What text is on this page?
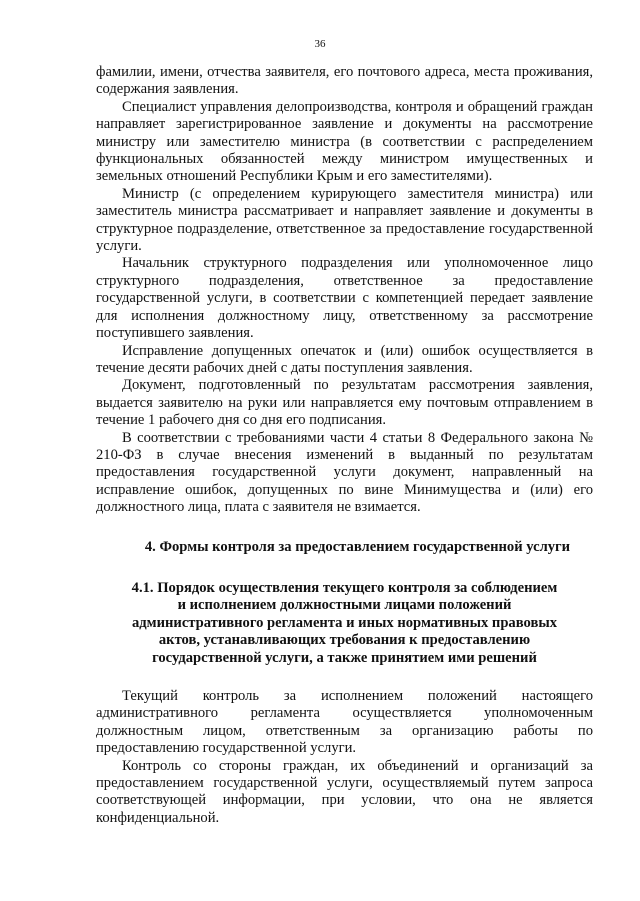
36

фамилии, имени, отчества заявителя, его почтового адреса, места проживания, содержания заявления.

Специалист управления делопроизводства, контроля и обращений граждан направляет зарегистрированное заявление и документы на рассмотрение министру или заместителю министра (в соответствии с распределением функциональных обязанностей между министром имущественных и земельных отношений Республики Крым и его заместителями).

Министр (с определением курирующего заместителя министра) или заместитель министра рассматривает и направляет заявление и документы в структурное подразделение, ответственное за предоставление государственной услуги.

Начальник структурного подразделения или уполномоченное лицо структурного подразделения, ответственное за предоставление государственной услуги, в соответствии с компетенцией передает заявление для исполнения должностному лицу, ответственному за рассмотрение поступившего заявления.

Исправление допущенных опечаток и (или) ошибок осуществляется в течение десяти рабочих дней с даты поступления заявления.

Документ, подготовленный по результатам рассмотрения заявления, выдается заявителю на руки или направляется ему почтовым отправлением в течение 1 рабочего дня со дня его подписания.

В соответствии с требованиями части 4 статьи 8 Федерального закона № 210-ФЗ в случае внесения изменений в выданный по результатам предоставления государственной услуги документ, направленный на исправление ошибок, допущенных по вине Минимущества и (или) его должностного лица, плата с заявителя не взимается.

4. Формы контроля за предоставлением государственной услуги

4.1. Порядок осуществления текущего контроля за соблюдением
и исполнением должностными лицами положений
административного регламента и иных нормативных правовых
актов, устанавливающих требования к предоставлению
государственной услуги, а также принятием ими решений

Текущий контроль за исполнением положений настоящего административного регламента осуществляется уполномоченным должностным лицом, ответственным за организацию работы по предоставлению государственной услуги.

Контроль со стороны граждан, их объединений и организаций за предоставлением государственной услуги, осуществляемый путем запроса соответствующей информации, при условии, что она не является конфиденциальной.
